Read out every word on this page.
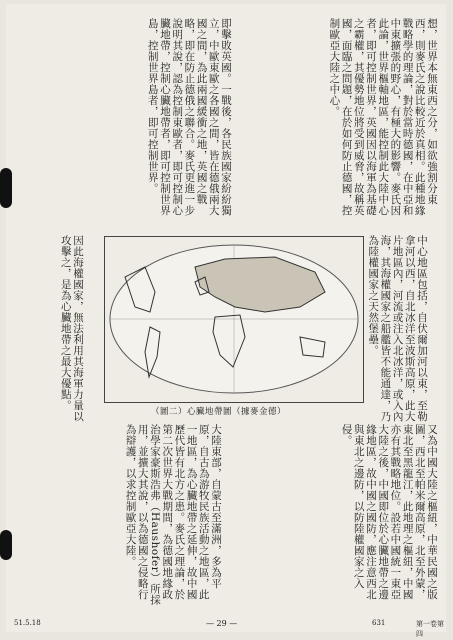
想，世界本無東西之分，如欲強割分東西，則麥氏之說比較近於真相。此種地緣戰略學的理論，對於當時德國，在中亞和中東擴張的野心，有極大的影響。麥氏因此論，世界樞軸地區，能控制此大陸中心者，即可控制世界，英國因以海軍為基礎之霸權，其優勢地位將受到威脅，故稱英國，面臨之問題，在於如何防止德國，控制歐亞大陸之中心。

即擊敗英國。一戰後，各民族國家紛紛獨立，中歐東歐之各國之間，皆在德俄兩大國之間，為此兩國緩衝之地，英國之戰略，即在防止德俄之聯合。麥氏更進一步說明其說，認為控制東歐者，即可控制心臟地帶，控制心臟地帶者，即可控制世界島，控制世界島者，即可控制世界。

中心地區包括，自伏爾加河以東，至勒拿河以西，自北冰洋至波斯高原，此大片地區內，河流或注入北冰洋，或入內海，其海權國家之船艦皆不能通達，乃為陸權國家之天然堡壘。

因此海權國家，無法利用其海軍力量以攻擊之，是為心臟地帶之最大優點。

（圖二）心臟地帶圖（據麥金德）

又為中國大陸之樞紐，中華民國之版圖，西北至帕米爾高原，北至外蒙，東北至黑龍江，此地理之樞紐，中國亦有其戰略地位。設若中國統一東亞大陸之後，中國即位於心臟地帶之邊緣地區，故中國之國防，應注意西北與東北之邊防，以防陸權國家之入侵。

大陸東部，自蒙古至滿洲，多為平原，自古為游牧民族活動之地區，此一地區，為心臟地帶之延伸，故中國歷代皆有北方之患。麥氏之理論，於第二次世界大戰期間，為德國地緣政治學家豪斯浩弗（Haushofer）所採用，並擴大其說，以為德國之侵略行為辯護，以求控制歐亞大陸。

51.5.18	— 29 —	631	第一卷第四
